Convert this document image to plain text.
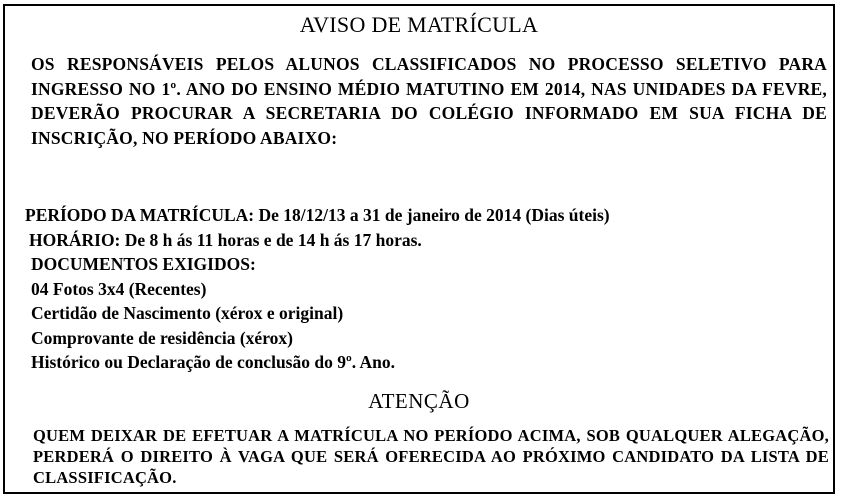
AVISO DE MATRÍCULA
OS RESPONSÁVEIS PELOS ALUNOS CLASSIFICADOS NO PROCESSO SELETIVO PARA INGRESSO NO 1º. ANO DO ENSINO MÉDIO MATUTINO EM 2014, NAS UNIDADES DA FEVRE, DEVERÃO PROCURAR A SECRETARIA DO COLÉGIO INFORMADO EM SUA FICHA DE INSCRIÇÃO, NO PERÍODO ABAIXO:
PERÍODO DA MATRÍCULA: De 18/12/13 a 31 de janeiro de 2014 (Dias úteis)
HORÁRIO: De 8 h ás 11 horas e de 14 h ás 17 horas.
DOCUMENTOS EXIGIDOS:
04 Fotos 3x4 (Recentes)
Certidão de Nascimento (xérox e original)
Comprovante de residência (xérox)
Histórico ou Declaração de conclusão do 9º. Ano.
ATENÇÃO
QUEM DEIXAR DE EFETUAR A MATRÍCULA NO PERÍODO ACIMA, SOB QUALQUER ALEGAÇÃO, PERDERÁ O DIREITO À VAGA QUE SERÁ OFERECIDA AO PRÓXIMO CANDIDATO DA LISTA DE CLASSIFICAÇÃO.
